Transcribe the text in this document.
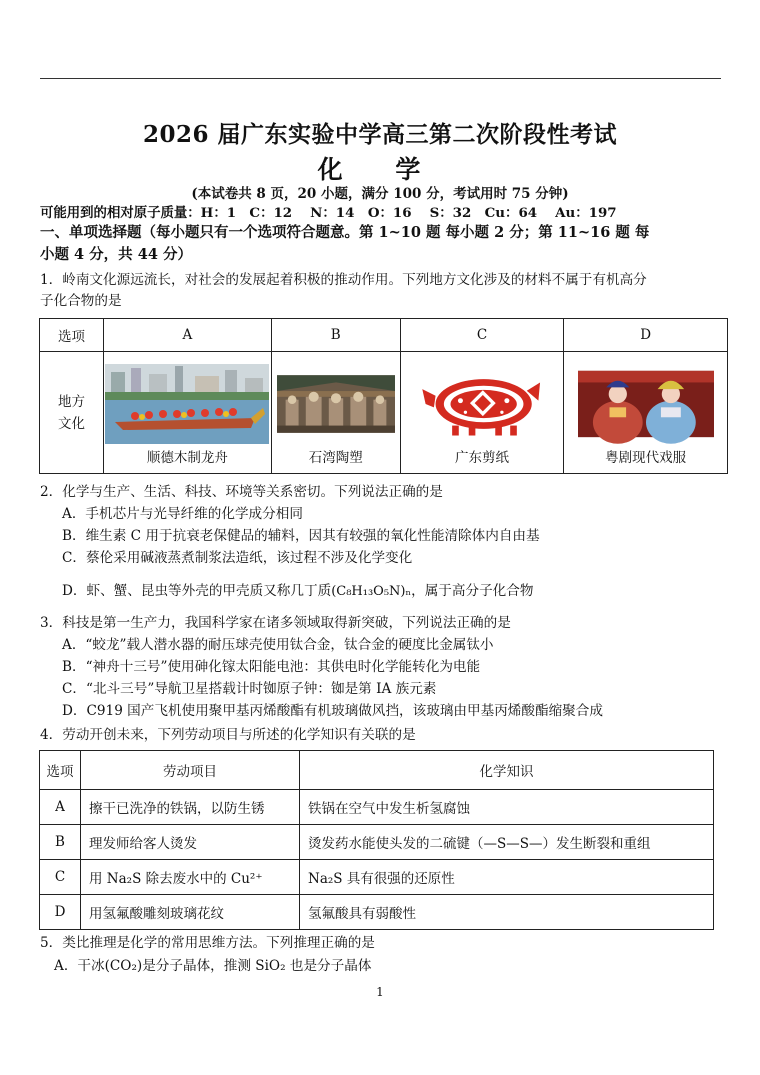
2026 届广东实验中学高三第二次阶段性考试
化 学
(本试卷共 8 页，20 小题，满分 100 分，考试用时 75 分钟)
可能用到的相对原子质量：H：1　C：12　 N：14　O：16　 S：32　Cu：64　 Au：197
一、单项选择题（每小题只有一个选项符合题意。第 1~10 题 每小题 2 分；第 11~16 题 每
小题 4 分，共 44 分）
1．岭南文化源远流长，对社会的发展起着积极的推动作用。下列地方文化涉及的材料不属于有机高分
子化合物的是
选项	A	B	C	D
地方
文化	顺德木制龙舟	石湾陶塑	广东剪纸	粤剧现代戏服
2．化学与生产、生活、科技、环境等关系密切。下列说法正确的是
A．手机芯片与光导纤维的化学成分相同
B．维生素 C 用于抗衰老保健品的辅料，因其有较强的氧化性能清除体内自由基
C．蔡伦采用碱液蒸煮制浆法造纸，该过程不涉及化学变化
D．虾、蟹、昆虫等外壳的甲壳质又称几丁质(C₈H₁₃O₅N)ₙ，属于高分子化合物
3．科技是第一生产力，我国科学家在诸多领域取得新突破，下列说法正确的是
A．“蛟龙”载人潜水器的耐压球壳使用钛合金，钛合金的硬度比金属钛小
B．“神舟十三号”使用砷化镓太阳能电池：其供电时化学能转化为电能
C．“北斗三号”导航卫星搭载计时铷原子钟：铷是第 IA 族元素
D．C919 国产飞机使用聚甲基丙烯酸酯有机玻璃做风挡，该玻璃由甲基丙烯酸酯缩聚合成
4．劳动开创未来，下列劳动项目与所述的化学知识有关联的是
选项	劳动项目	化学知识
A	擦干已洗净的铁锅，以防生锈	铁锅在空气中发生析氢腐蚀
B	理发师给客人烫发	烫发药水能使头发的二硫键（—S—S—）发生断裂和重组
C	用 Na₂S 除去废水中的 Cu²⁺	Na₂S 具有很强的还原性
D	用氢氟酸雕刻玻璃花纹	氢氟酸具有弱酸性
5．类比推理是化学的常用思维方法。下列推理正确的是
A．干冰(CO₂)是分子晶体，推测 SiO₂ 也是分子晶体
1
